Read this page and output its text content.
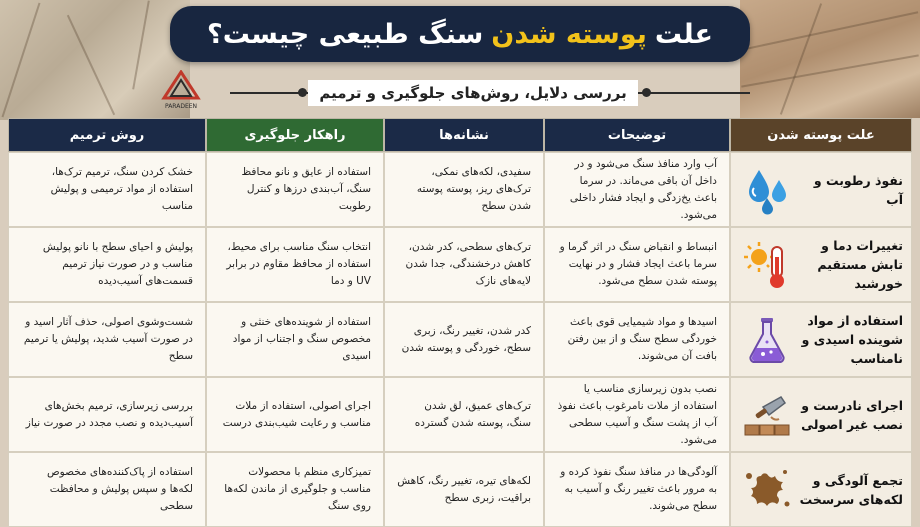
علت
پوسته شدن
سنگ طبیعی چیست؟
PARADEEN
بررسی دلایل، روش‌های جلوگیری و ترمیم
علت پوسته شدن	توضیحات	نشانه‌ها	راهکار جلوگیری	روش ترمیم

نفوذ رطوبت و آب	آب وارد منافذ سنگ می‌شود و در داخل آن باقی می‌ماند. در سرما باعث یخ‌زدگی و ایجاد فشار داخلی می‌شود.	سفیدی، لکه‌های نمکی، ترک‌های ریز، پوسته پوسته شدن سطح	استفاده از عایق و نانو محافظ سنگ، آب‌بندی درزها و کنترل رطوبت	خشک کردن سنگ، ترمیم ترک‌ها، استفاده از مواد ترمیمی و پولیش مناسب

تغییرات دما و تابش مستقیم خورشید	انبساط و انقباض سنگ در اثر گرما و سرما باعث ایجاد فشار و در نهایت پوسته شدن سطح می‌شود.	ترک‌های سطحی، کدر شدن، کاهش درخشندگی، جدا شدن لایه‌های نازک	انتخاب سنگ مناسب برای محیط، استفاده از محافظ مقاوم در برابر UV و دما	پولیش و احیای سطح با نانو پولیش مناسب و در صورت نیاز ترمیم قسمت‌های آسیب‌دیده

استفاده از مواد شوینده اسیدی و نامناسب	اسیدها و مواد شیمیایی قوی باعث خوردگی سطح سنگ و از بین رفتن بافت آن می‌شوند.	کدر شدن، تغییر رنگ، زبری سطح، خوردگی و پوسته شدن	استفاده از شوینده‌های خنثی و مخصوص سنگ و اجتناب از مواد اسیدی	شست‌وشوی اصولی، حذف آثار اسید و در صورت آسیب شدید، پولیش یا ترمیم سطح

اجرای نادرست و نصب غیر اصولی	نصب بدون زیرسازی مناسب یا استفاده از ملات نامرغوب باعث نفوذ آب از پشت سنگ و آسیب سطحی می‌شود.	ترک‌های عمیق، لق شدن سنگ، پوسته شدن گسترده	اجرای اصولی، استفاده از ملات مناسب و رعایت شیب‌بندی درست	بررسی زیرسازی، ترمیم بخش‌های آسیب‌دیده و نصب مجدد در صورت نیاز

تجمع آلودگی و لکه‌های سرسخت	آلودگی‌ها در منافذ سنگ نفوذ کرده و به مرور باعث تغییر رنگ و آسیب به سطح می‌شوند.	لکه‌های تیره، تغییر رنگ، کاهش براقیت، زبری سطح	تمیزکاری منظم با محصولات مناسب و جلوگیری از ماندن لکه‌ها روی سنگ	استفاده از پاک‌کننده‌های مخصوص لکه‌ها و سپس پولیش و محافظت سطحی
